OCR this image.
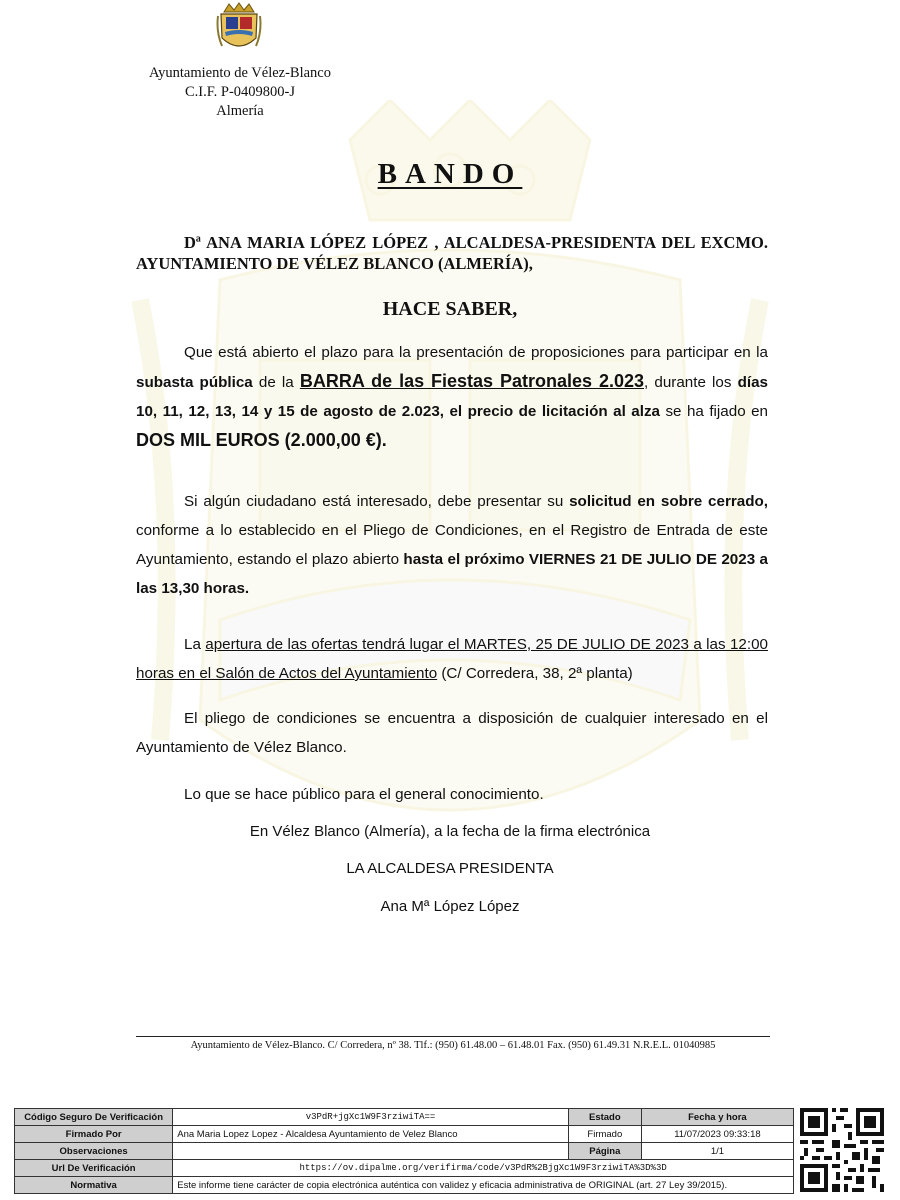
Ayuntamiento de Vélez-Blanco
C.I.F. P-0409800-J
Almería
BANDO
Dª ANA MARIA LÓPEZ LÓPEZ , ALCALDESA-PRESIDENTA DEL EXCMO. AYUNTAMIENTO DE VÉLEZ BLANCO (ALMERÍA),
HACE SABER,
Que está abierto el plazo para la presentación de proposiciones para participar en la subasta pública de la BARRA de las Fiestas Patronales 2.023, durante los días 10, 11, 12, 13, 14 y 15 de agosto de 2.023, el precio de licitación al alza se ha fijado en DOS MIL EUROS (2.000,00 €).
Si algún ciudadano está interesado, debe presentar su solicitud en sobre cerrado, conforme a lo establecido en el Pliego de Condiciones, en el Registro de Entrada de este Ayuntamiento, estando el plazo abierto hasta el próximo VIERNES 21 DE JULIO DE 2023 a las 13,30 horas.
La apertura de las ofertas tendrá lugar el MARTES, 25 DE JULIO DE 2023 a las 12:00 horas en el Salón de Actos del Ayuntamiento (C/ Corredera, 38, 2ª planta)
El pliego de condiciones se encuentra a disposición de cualquier interesado en el Ayuntamiento de Vélez Blanco.
Lo que se hace público para el general conocimiento.
En Vélez Blanco (Almería), a la fecha de la firma electrónica
LA ALCALDESA PRESIDENTA
Ana Mª López López
Ayuntamiento de Vélez-Blanco. C/ Corredera, nº 38. Tlf.: (950) 61.48.00 – 61.48.01 Fax. (950) 61.49.31 N.R.E.L. 01040985
Código Seguro De Verificación	v3PdR+jgXc1W9F3rziwiTA==	Estado	Fecha y hora
Firmado Por	Ana Maria Lopez Lopez - Alcaldesa Ayuntamiento de Velez Blanco	Firmado	11/07/2023 09:33:18
Observaciones		Página	1/1
Url De Verificación	https://ov.dipalme.org/verifirma/code/v3PdR%2BjgXc1W9F3rziwiTA%3D%3D		
Normativa	Este informe tiene carácter de copia electrónica auténtica con validez y eficacia administrativa de ORIGINAL (art. 27 Ley 39/2015).		
